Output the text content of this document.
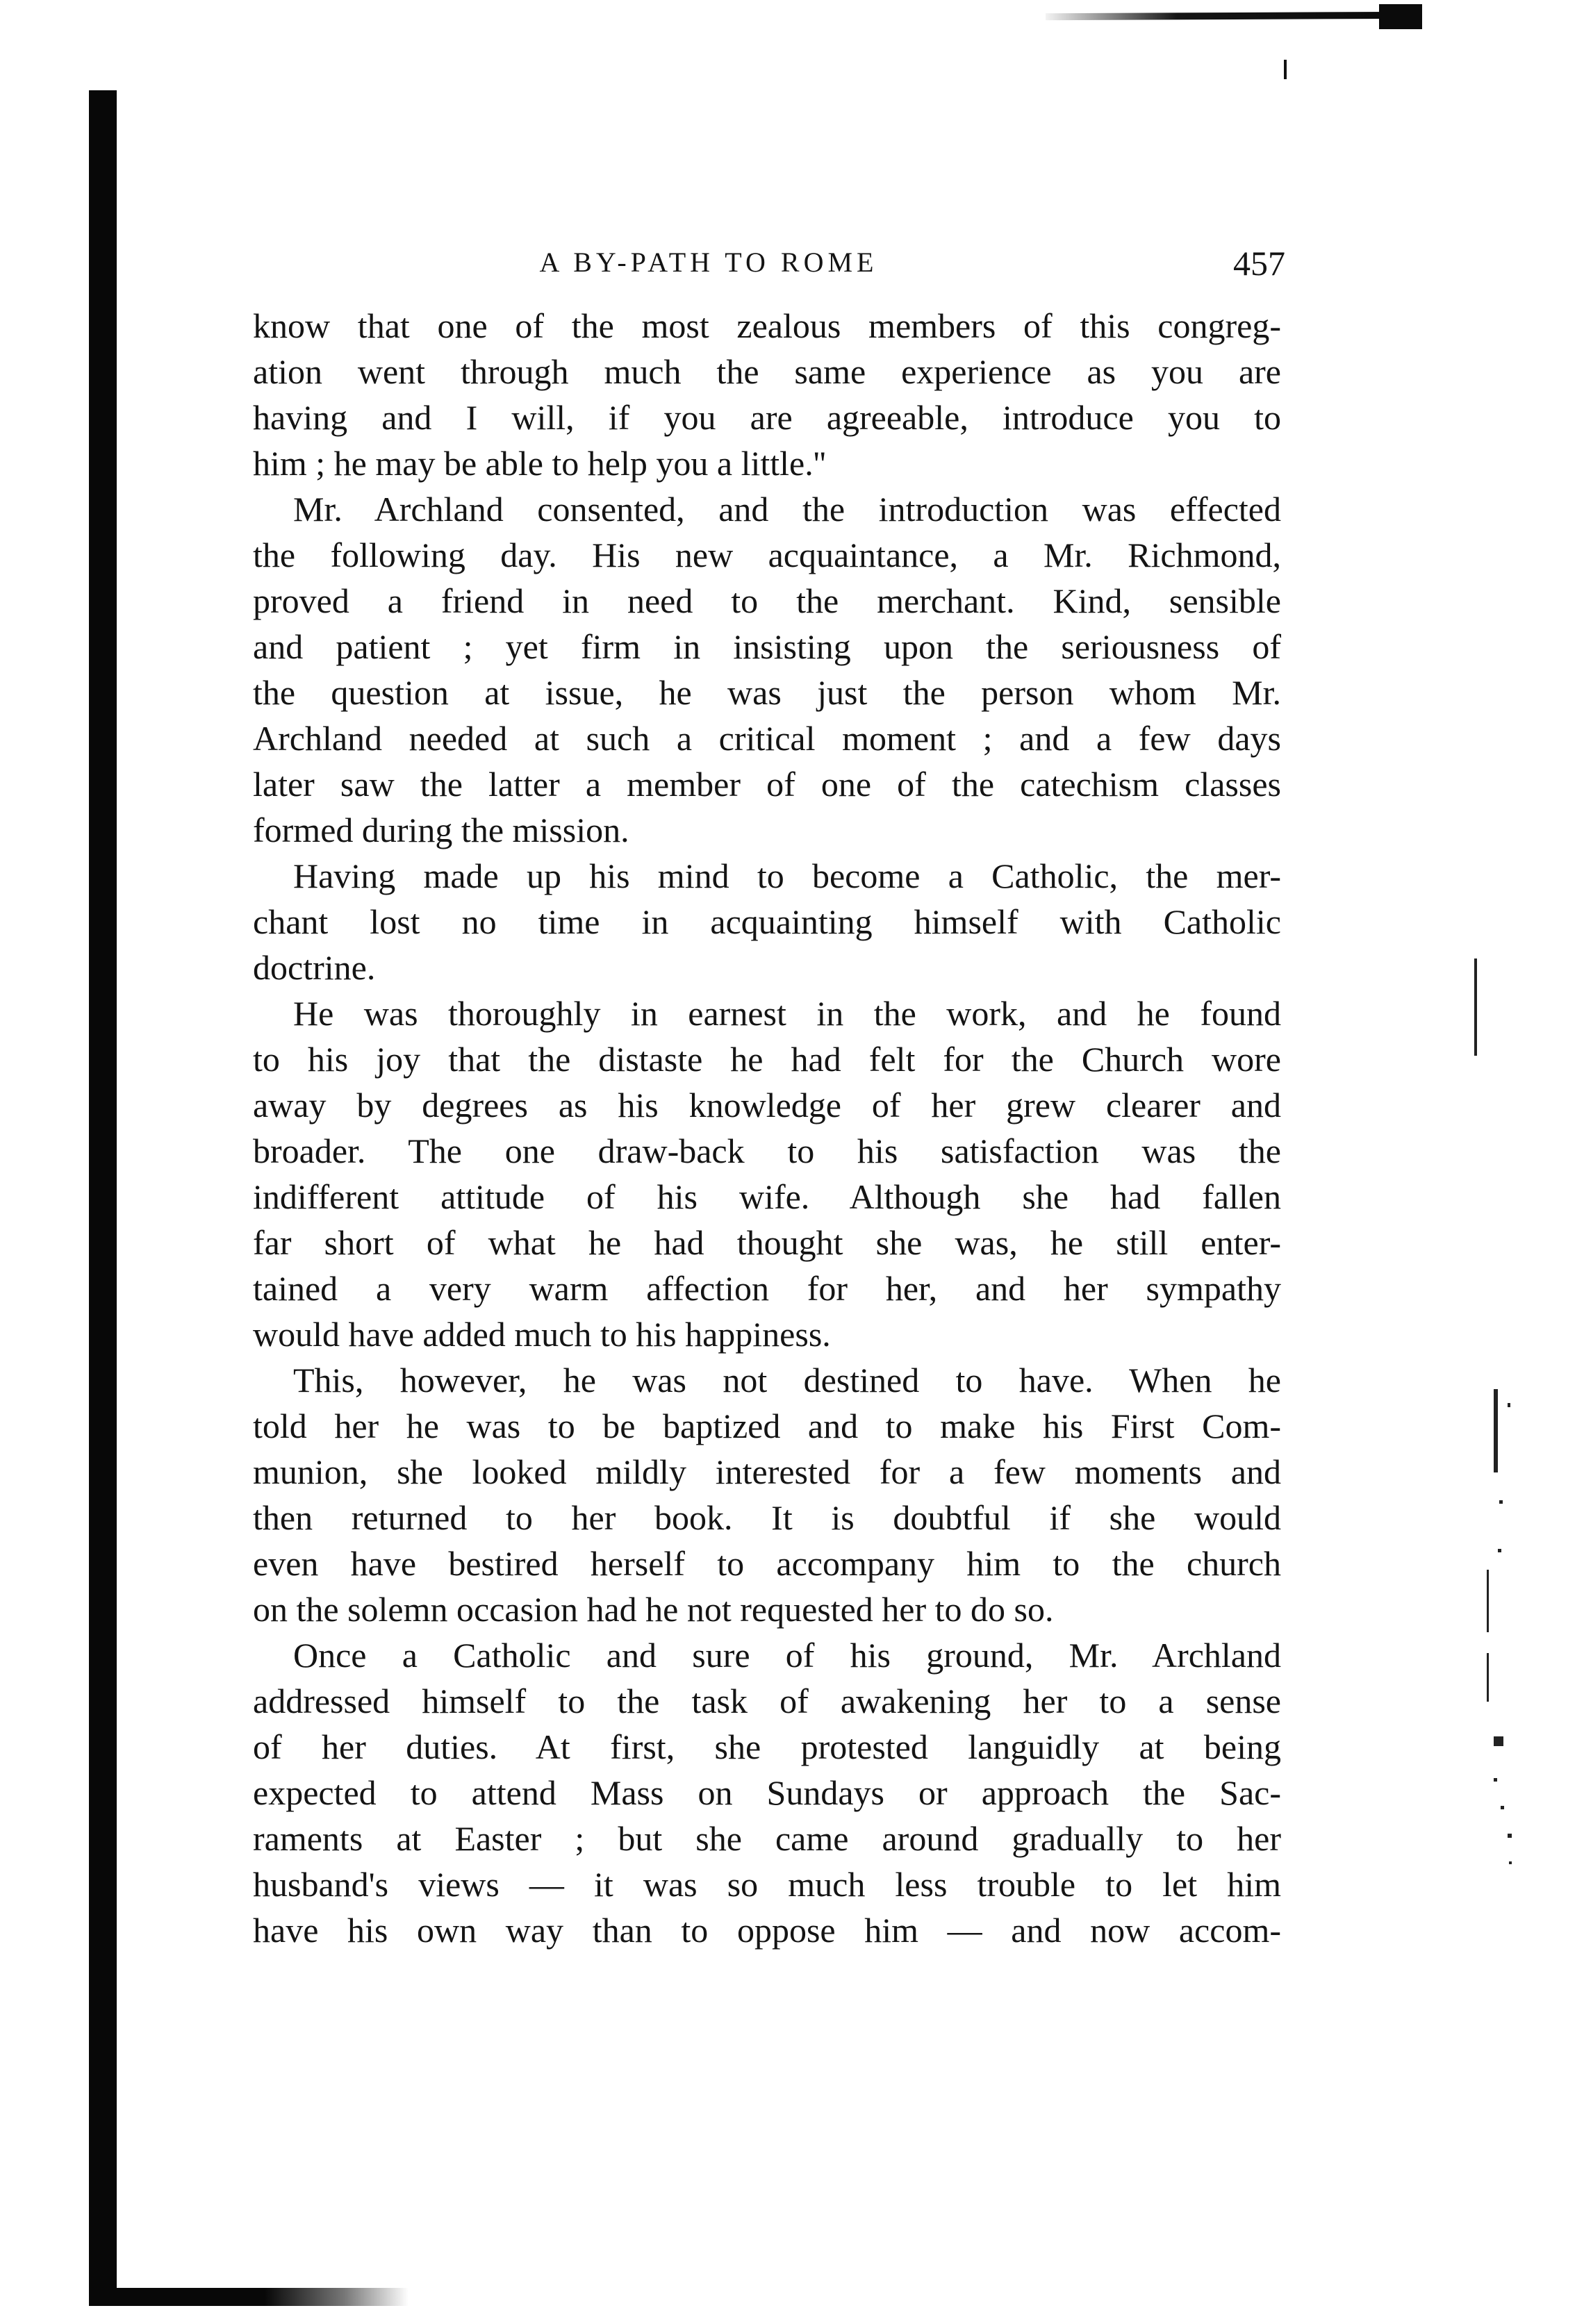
A BY-PATH TO ROME	457
know that one of the most zealous members of this congreg-
ation went through much the same experience as you are
having and I will, if you are agreeable, introduce you to
him ; he may be able to help you a little.''
Mr. Archland consented, and the introduction was effected
the following day. His new acquaintance, a Mr. Richmond,
proved a friend in need to the merchant. Kind, sensible
and patient ; yet firm in insisting upon the seriousness of
the question at issue, he was just the person whom Mr.
Archland needed at such a critical moment ; and a few days
later saw the latter a member of one of the catechism classes
formed during the mission.
Having made up his mind to become a Catholic, the mer-
chant lost no time in acquainting himself with Catholic
doctrine.
He was thoroughly in earnest in the work, and he found
to his joy that the distaste he had felt for the Church wore
away by degrees as his knowledge of her grew clearer and
broader. The one draw-back to his satisfaction was the
indifferent attitude of his wife. Although she had fallen
far short of what he had thought she was, he still enter-
tained a very warm affection for her, and her sympathy
would have added much to his happiness.
This, however, he was not destined to have. When he
told her he was to be baptized and to make his First Com-
munion, she looked mildly interested for a few moments and
then returned to her book. It is doubtful if she would
even have bestired herself to accompany him to the church
on the solemn occasion had he not requested her to do so.
Once a Catholic and sure of his ground, Mr. Archland
addressed himself to the task of awakening her to a sense
of her duties. At first, she protested languidly at being
expected to attend Mass on Sundays or approach the Sac-
raments at Easter ; but she came around gradually to her
husband's views — it was so much less trouble to let him
have his own way than to oppose him — and now accom-
